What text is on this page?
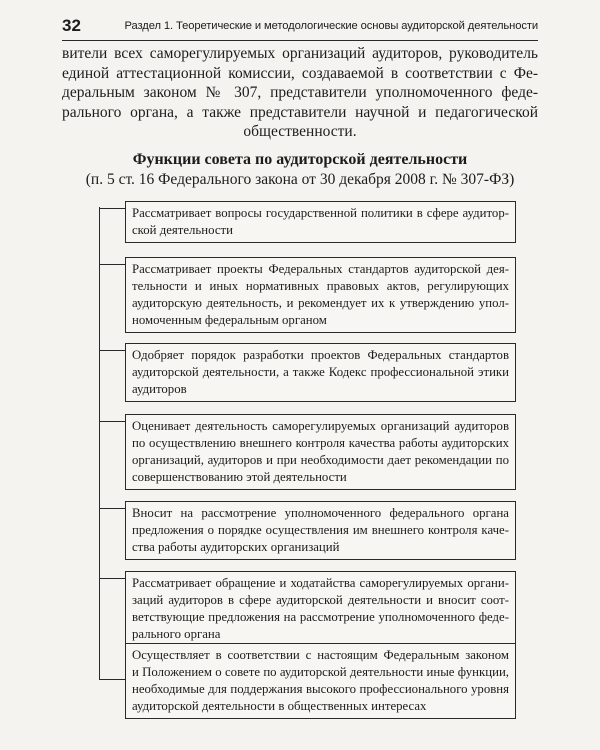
32	Раздел 1. Теоретические и методологические основы аудиторской деятельности
вители всех саморегулируемых организаций аудиторов, руководитель
единой аттестационной комиссии, создаваемой в соответствии с Фе-
деральным законом № 307, представители уполномоченного феде-
рального органа, а также представители научной и педагогической
общественности.
Функции совета по аудиторской деятельности
(п. 5 ст. 16 Федерального закона от 30 декабря 2008 г. № 307-ФЗ)
Рассматривает вопросы государственной политики в сфере аудитор-
ской деятельности
Рассматривает проекты Федеральных стандартов аудиторской дея-
тельности и иных нормативных правовых актов, регулирующих
аудиторскую деятельность, и рекомендует их к утверждению упол-
номоченным федеральным органом
Одобряет порядок разработки проектов Федеральных стандартов
аудиторской деятельности, а также Кодекс профессиональной этики
аудиторов
Оценивает деятельность саморегулируемых организаций аудиторов
по осуществлению внешнего контроля качества работы аудиторских
организаций, аудиторов и при необходимости дает рекомендации по
совершенствованию этой деятельности
Вносит на рассмотрение уполномоченного федерального органа
предложения о порядке осуществления им внешнего контроля каче-
ства работы аудиторских организаций
Рассматривает обращение и ходатайства саморегулируемых органи-
заций аудиторов в сфере аудиторской деятельности и вносит соот-
ветствующие предложения на рассмотрение уполномоченного феде-
рального органа
Осуществляет в соответствии с настоящим Федеральным законом
и Положением о совете по аудиторской деятельности иные функции,
необходимые для поддержания высокого профессионального уровня
аудиторской деятельности в общественных интересах
